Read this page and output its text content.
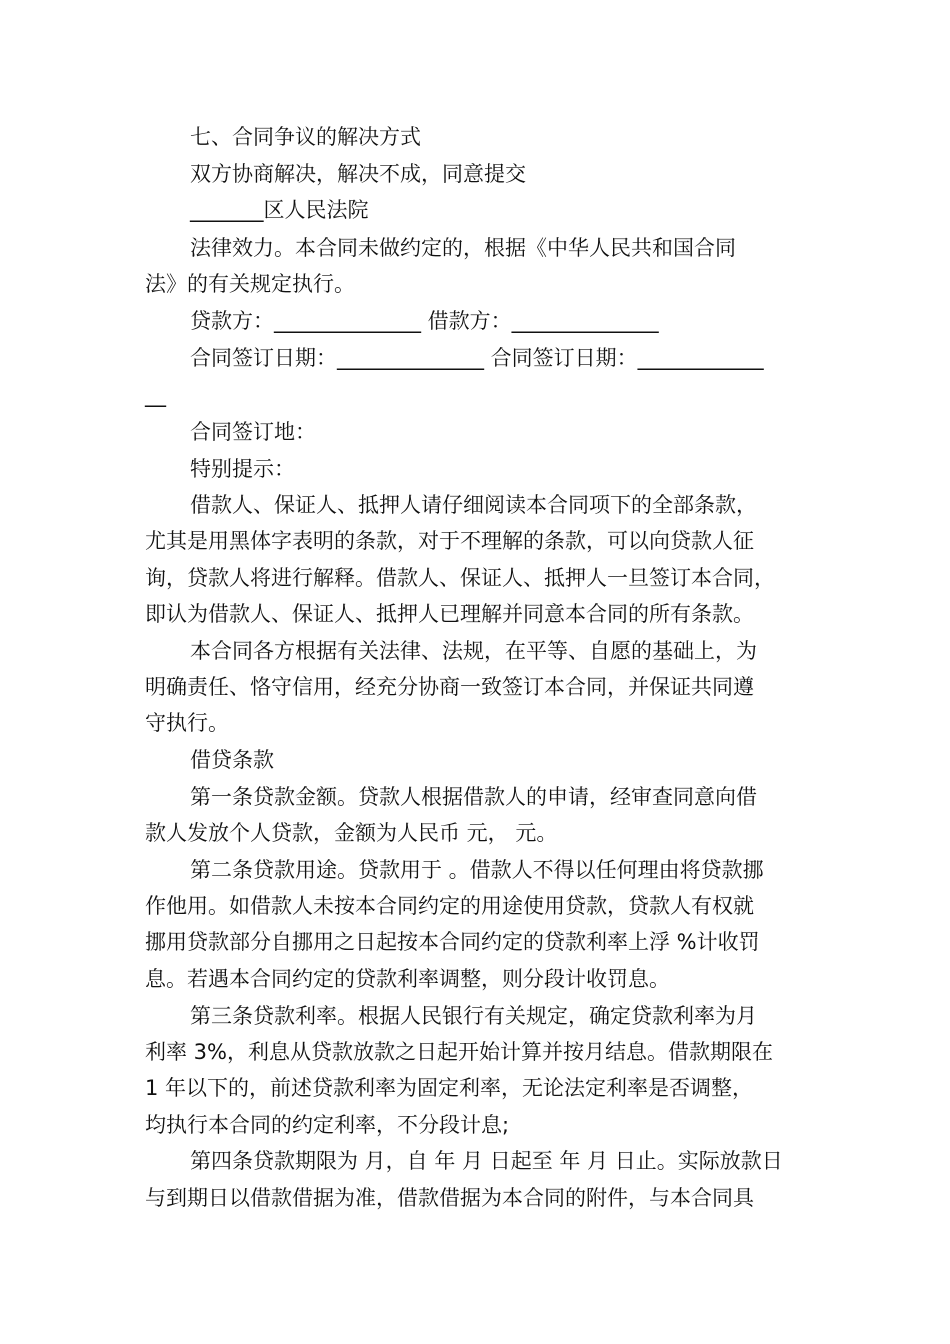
七、合同争议的解决方式
双方协商解决，解决不成，同意提交
_______区人民法院
法律效力。本合同未做约定的，根据《中华人民共和国合同
法》的有关规定执行。
贷款方：______________ 借款方：______________
合同签订日期：______________ 合同签订日期：____________
__
合同签订地：
特别提示：
借款人、保证人、抵押人请仔细阅读本合同项下的全部条款，
尤其是用黑体字表明的条款，对于不理解的条款，可以向贷款人征
询，贷款人将进行解释。借款人、保证人、抵押人一旦签订本合同，
即认为借款人、保证人、抵押人已理解并同意本合同的所有条款。
本合同各方根据有关法律、法规，在平等、自愿的基础上，为
明确责任、恪守信用，经充分协商一致签订本合同，并保证共同遵
守执行。
借贷条款
第一条贷款金额。贷款人根据借款人的申请，经审查同意向借
款人发放个人贷款，金额为人民币 元， 元。
第二条贷款用途。贷款用于 。借款人不得以任何理由将贷款挪
作他用。如借款人未按本合同约定的用途使用贷款，贷款人有权就
挪用贷款部分自挪用之日起按本合同约定的贷款利率上浮 %计收罚
息。若遇本合同约定的贷款利率调整，则分段计收罚息。
第三条贷款利率。根据人民银行有关规定，确定贷款利率为月
利率 3%，利息从贷款放款之日起开始计算并按月结息。借款期限在
1 年以下的，前述贷款利率为固定利率，无论法定利率是否调整，
均执行本合同的约定利率，不分段计息;
第四条贷款期限为 月，自 年 月 日起至 年 月 日止。实际放款日
与到期日以借款借据为准，借款借据为本合同的附件，与本合同具
